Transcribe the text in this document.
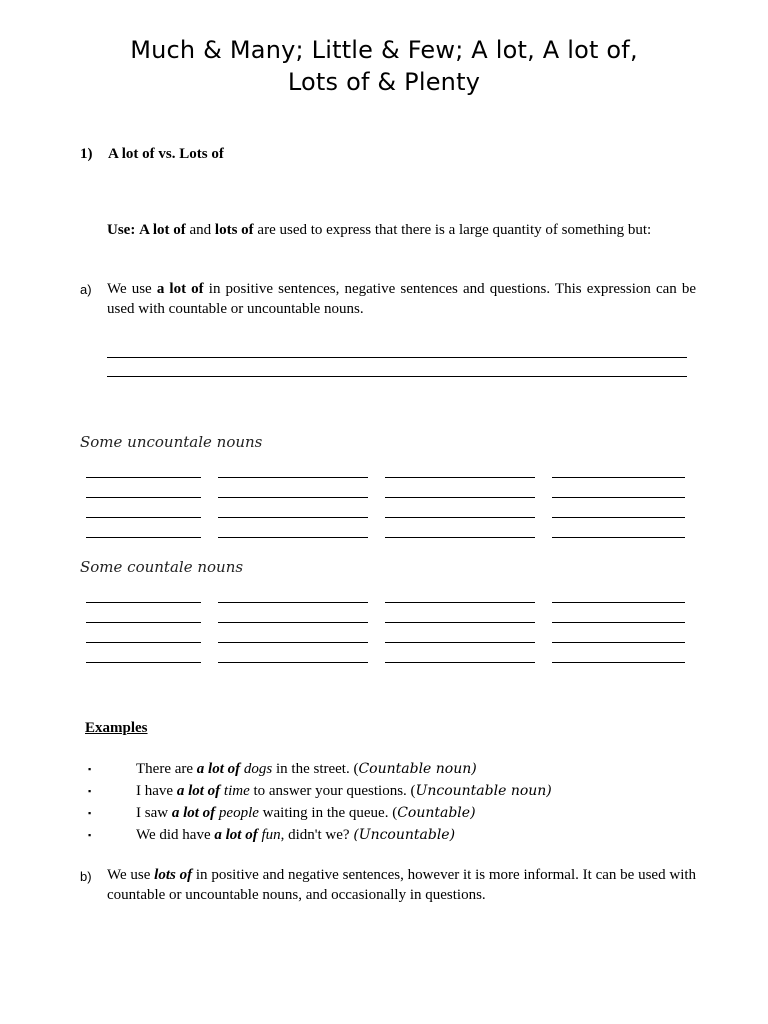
Much & Many; Little & Few; A lot, A lot of,
Lots of & Plenty
1) A lot of vs. Lots of
Use: A lot of and lots of are used to express that there is a large quantity of something but:
a) We use a lot of in positive sentences, negative sentences and questions. This expression can be used with countable or uncountable nouns.
Some uncountale nouns
Some countale nouns
Examples
▪	There are a lot of dogs in the street. (Countable noun)
▪	I have a lot of time to answer your questions. (Uncountable noun)
▪	I saw a lot of people waiting in the queue. (Countable)
▪	We did have a lot of fun, didn't we? (Uncountable)
b) We use lots of in positive and negative sentences, however it is more informal. It can be used with countable or uncountable nouns, and occasionally in questions.
